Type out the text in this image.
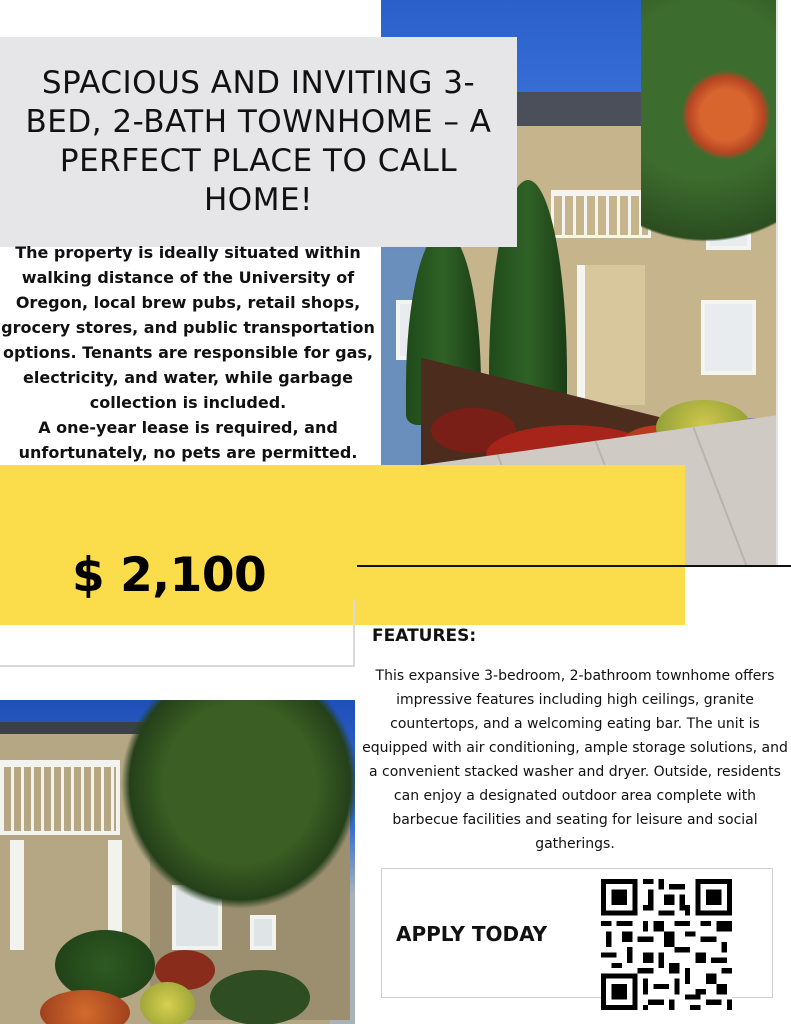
SPACIOUS AND INVITING 3-BED, 2-BATH TOWNHOME – A PERFECT PLACE TO CALL HOME!

The property is ideally situated within walking distance of the University of Oregon, local brew pubs, retail shops, grocery stores, and public transportation options. Tenants are responsible for gas, electricity, and water, while garbage collection is included.

A one-year lease is required, and unfortunately, no pets are permitted.

$ 2,100
FEATURES:
This expansive 3-bedroom, 2-bathroom townhome offers impressive features including high ceilings, granite countertops, and a welcoming eating bar. The unit is equipped with air conditioning, ample storage solutions, and a convenient stacked washer and dryer. Outside, residents can enjoy a designated outdoor area complete with barbecue facilities and seating for leisure and social gatherings.
APPLY TODAY
